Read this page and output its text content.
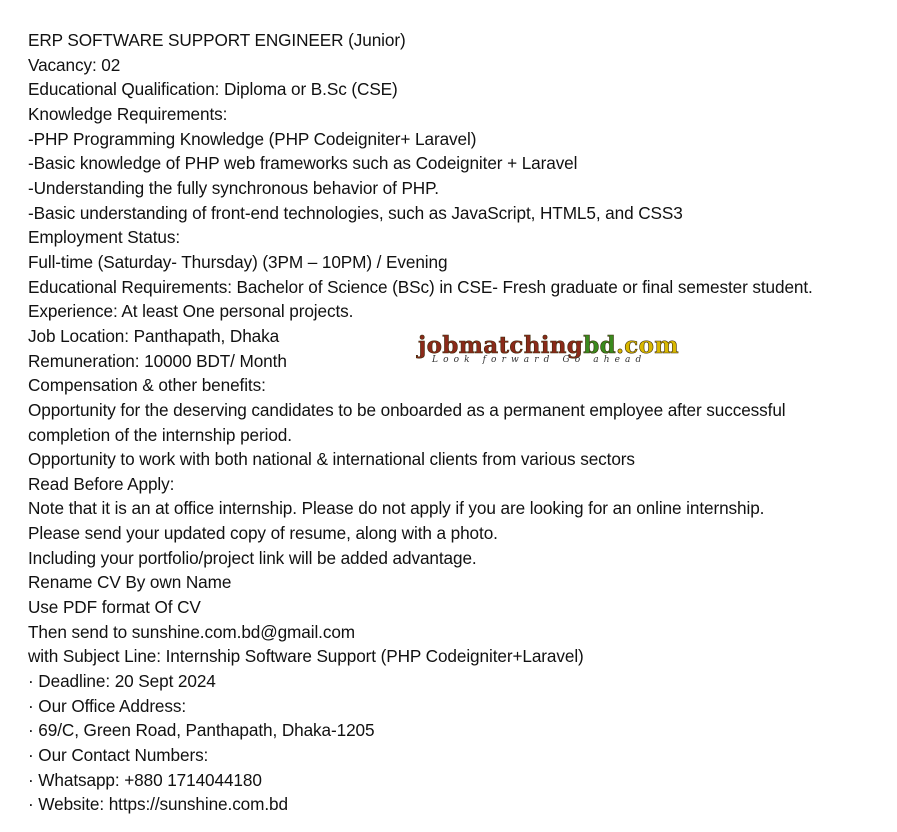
ERP SOFTWARE SUPPORT ENGINEER (Junior)
Vacancy: 02
Educational Qualification: Diploma or B.Sc (CSE)
Knowledge Requirements:
-PHP Programming Knowledge (PHP Codeigniter+ Laravel)
-Basic knowledge of PHP web frameworks such as Codeigniter + Laravel
-Understanding the fully synchronous behavior of PHP.
-Basic understanding of front-end technologies, such as JavaScript, HTML5, and CSS3
Employment Status:
Full-time (Saturday- Thursday) (3PM – 10PM) / Evening
Educational Requirements: Bachelor of Science (BSc) in CSE- Fresh graduate or final semester student.
Experience: At least One personal projects.
Job Location: Panthapath, Dhaka
Remuneration: 10000 BDT/ Month
Compensation & other benefits:
Opportunity for the deserving candidates to be onboarded as a permanent employee after successful
completion of the internship period.
Opportunity to work with both national & international clients from various sectors
Read Before Apply:
Note that it is an at office internship. Please do not apply if you are looking for an online internship.
Please send your updated copy of resume, along with a photo.
Including your portfolio/project link will be added advantage.
Rename CV By own Name
Use PDF format Of CV
Then send to sunshine.com.bd@gmail.com
with Subject Line: Internship Software Support (PHP Codeigniter+Laravel)
· Deadline: 20 Sept 2024
· Our Office Address:
· 69/C, Green Road, Panthapath, Dhaka-1205
· Our Contact Numbers:
· Whatsapp: +880 1714044180
· Website: https://sunshine.com.bd
jobmatchingbd.com
Look forward Go ahead
